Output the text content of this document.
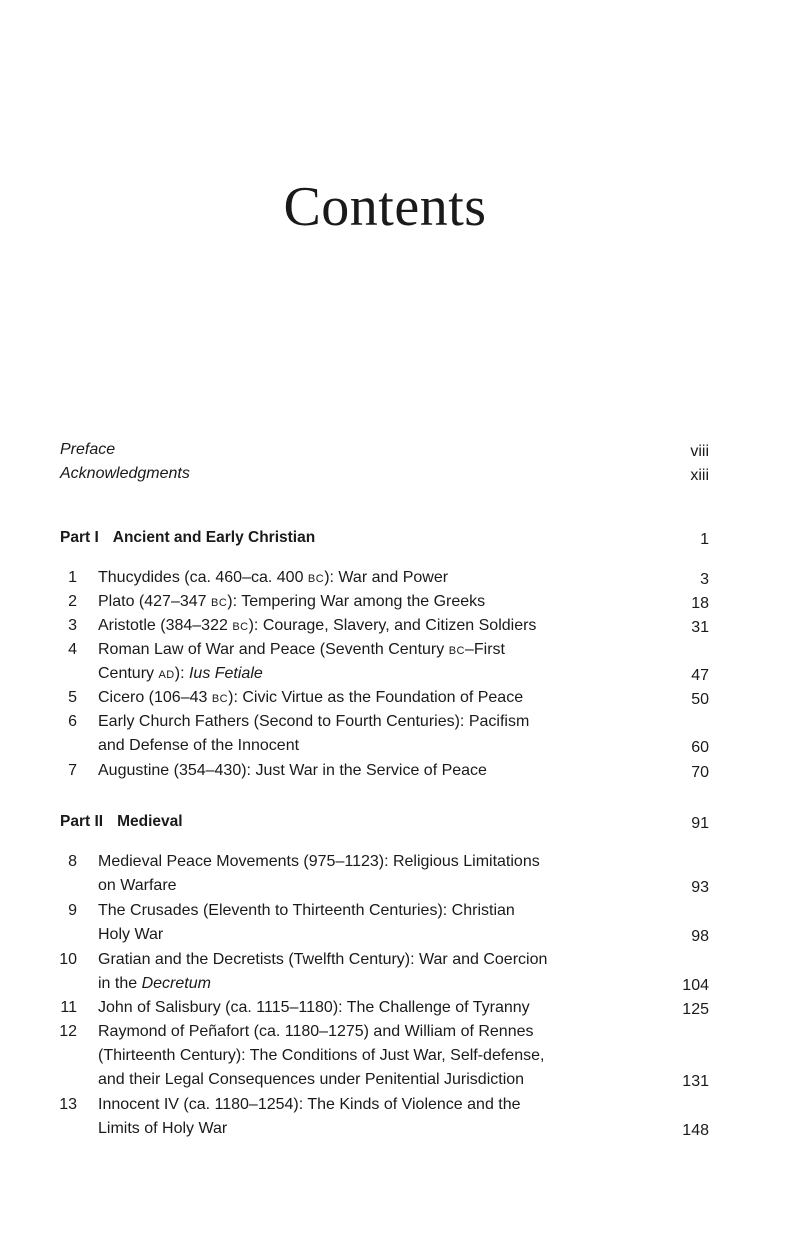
Contents
Preface	viii
Acknowledgments	xiii
Part I Ancient and Early Christian	1
1 Thucydides (ca. 460–ca. 400 BC): War and Power	3
2 Plato (427–347 BC): Tempering War among the Greeks	18
3 Aristotle (384–322 BC): Courage, Slavery, and Citizen Soldiers	31
4 Roman Law of War and Peace (Seventh Century BC–First
Century AD): Ius Fetiale	47
5 Cicero (106–43 BC): Civic Virtue as the Foundation of Peace	50
6 Early Church Fathers (Second to Fourth Centuries): Pacifism
and Defense of the Innocent	60
7 Augustine (354–430): Just War in the Service of Peace	70
Part II Medieval	91
8 Medieval Peace Movements (975–1123): Religious Limitations
on Warfare	93
9 The Crusades (Eleventh to Thirteenth Centuries): Christian
Holy War	98
10 Gratian and the Decretists (Twelfth Century): War and Coercion
in the Decretum	104
11 John of Salisbury (ca. 1115–1180): The Challenge of Tyranny	125
12 Raymond of Peñafort (ca. 1180–1275) and William of Rennes
(Thirteenth Century): The Conditions of Just War, Self-defense,
and their Legal Consequences under Penitential Jurisdiction	131
13 Innocent IV (ca. 1180–1254): The Kinds of Violence and the
Limits of Holy War	148
